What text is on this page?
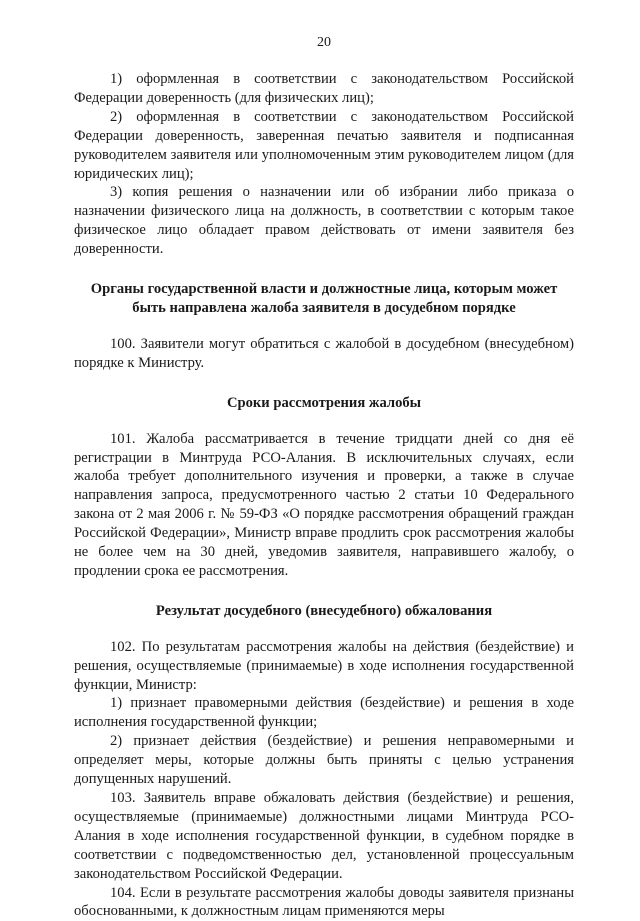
20

1) оформленная в соответствии с законодательством Российской Федерации доверенность (для физических лиц);

2) оформленная в соответствии с законодательством Российской Федерации доверенность, заверенная печатью заявителя и подписанная руководителем заявителя или уполномоченным этим руководителем лицом (для юридических лиц);

3) копия решения о назначении или об избрании либо приказа о назначении физического лица на должность, в соответствии с которым такое физическое лицо обладает правом действовать от имени заявителя без доверенности.

Органы государственной власти и должностные лица, которым может быть направлена жалоба заявителя в досудебном порядке

100. Заявители могут обратиться с жалобой в досудебном (внесудебном) порядке к Министру.

Сроки рассмотрения жалобы

101. Жалоба рассматривается в течение тридцати дней со дня её регистрации в Минтруда РСО-Алания. В исключительных случаях, если жалоба требует дополнительного изучения и проверки, а также в случае направления запроса, предусмотренного частью 2 статьи 10 Федерального закона от 2 мая 2006 г. № 59-ФЗ «О порядке рассмотрения обращений граждан Российской Федерации», Министр вправе продлить срок рассмотрения жалобы не более чем на 30 дней, уведомив заявителя, направившего жалобу, о продлении срока ее рассмотрения.

Результат досудебного (внесудебного) обжалования

102. По результатам рассмотрения жалобы на действия (бездействие) и решения, осуществляемые (принимаемые) в ходе исполнения государственной функции, Министр:

1) признает правомерными действия (бездействие) и решения в ходе исполнения государственной функции;

2) признает действия (бездействие) и решения неправомерными и определяет меры, которые должны быть приняты с целью устранения допущенных нарушений.

103. Заявитель вправе обжаловать действия (бездействие) и решения, осуществляемые (принимаемые) должностными лицами Минтруда РСО-Алания в ходе исполнения государственной функции, в судебном порядке в соответствии с подведомственностью дел, установленной процессуальным законодательством Российской Федерации.

104. Если в результате рассмотрения жалобы доводы заявителя признаны обоснованными, к должностным лицам применяются меры
